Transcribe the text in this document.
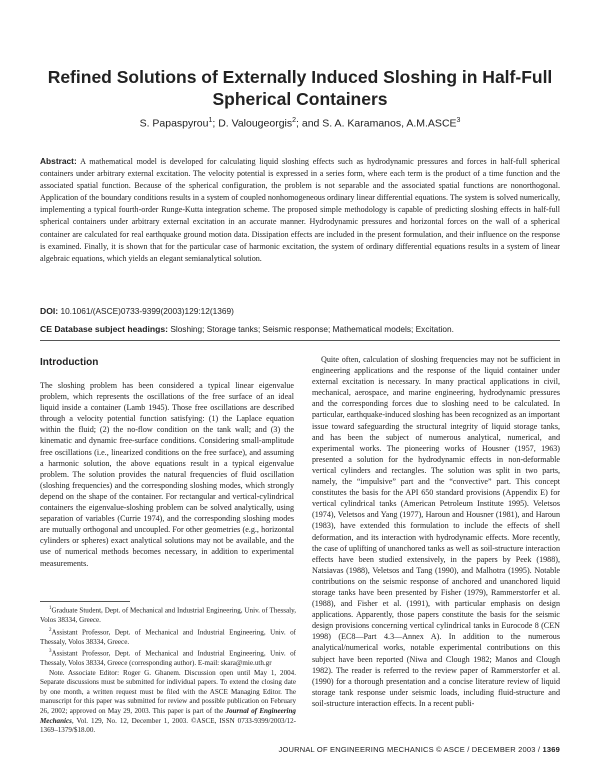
Refined Solutions of Externally Induced Sloshing in Half-Full Spherical Containers
S. Papaspyrou$^1$; D. Valougeorgis$^2$; and S. A. Karamanos, A.M.ASCE$^3$
Abstract: A mathematical model is developed for calculating liquid sloshing effects such as hydrodynamic pressures and forces in half-full spherical containers under arbitrary external excitation. The velocity potential is expressed in a series form, where each term is the product of a time function and the associated spatial function. Because of the spherical configuration, the problem is not separable and the associated spatial functions are nonorthogonal. Application of the boundary conditions results in a system of coupled nonhomogeneous ordinary linear differential equations. The system is solved numerically, implementing a typical fourth-order Runge-Kutta integration scheme. The proposed simple methodology is capable of predicting sloshing effects in half-full spherical containers under arbitrary external excitation in an accurate manner. Hydrodynamic pressures and horizontal forces on the wall of a spherical container are calculated for real earthquake ground motion data. Dissipation effects are included in the present formulation, and their influence on the response is examined. Finally, it is shown that for the particular case of harmonic excitation, the system of ordinary differential equations results in a system of linear algebraic equations, which yields an elegant semianalytical solution.
DOI: 10.1061/(ASCE)0733-9399(2003)129:12(1369)
CE Database subject headings: Sloshing; Storage tanks; Seismic response; Mathematical models; Excitation.
Introduction

The sloshing problem has been considered a typical linear eigenvalue problem, which represents the oscillations of the free surface of an ideal liquid inside a container (Lamb 1945). Those free oscillations are described through a velocity potential function satisfying: (1) the Laplace equation within the fluid; (2) the no-flow condition on the tank wall; and (3) the kinematic and dynamic free-surface conditions. Considering small-amplitude free oscillations (i.e., linearized conditions on the free surface), and assuming a harmonic solution, the above equations result in a typical eigenvalue problem. The solution provides the natural frequencies of fluid oscillation (sloshing frequencies) and the corresponding sloshing modes, which strongly depend on the shape of the container. For rectangular and vertical-cylindrical containers the eigenvalue-sloshing problem can be solved analytically, using separation of variables (Currie 1974), and the corresponding sloshing modes are mutually orthogonal and uncoupled. For other geometries (e.g., horizontal cylinders or spheres) exact analytical solutions may not be available, and the use of numerical methods becomes necessary, in addition to experimental measurements.

Quite often, calculation of sloshing frequencies may not be sufficient in engineering applications and the response of the liquid container under external excitation is necessary. In many practical applications in civil, mechanical, aerospace, and marine engineering, hydrodynamic pressures and the corresponding forces due to sloshing need to be calculated. In particular, earthquake-induced sloshing has been recognized as an important issue toward safeguarding the structural integrity of liquid storage tanks, and has been the subject of numerous analytical, numerical, and experimental works. The pioneering works of Housner (1957, 1963) presented a solution for the hydrodynamic effects in non-deformable vertical cylinders and rectangles. The solution was split in two parts, namely, the “impulsive” part and the “convective” part. This concept constitutes the basis for the API 650 standard provisions (Appendix E) for vertical cylindrical tanks (American Petroleum Institute 1995). Veletsos (1974), Veletsos and Yang (1977), Haroun and Housner (1981), and Haroun (1983), have extended this formulation to include the effects of shell deformation, and its interaction with hydrodynamic effects. More recently, the case of uplifting of unanchored tanks as well as soil-structure interaction effects have been studied extensively, in the papers by Peek (1988), Natsiavas (1988), Veletsos and Tang (1990), and Malhotra (1995). Notable contributions on the seismic response of anchored and unanchored liquid storage tanks have been presented by Fisher (1979), Rammerstorfer et al. (1988), and Fisher et al. (1991), with particular emphasis on design applications. Apparently, those papers constitute the basis for the seismic design provisions concerning vertical cylindrical tanks in Eurocode 8 (CEN 1998) (EC8—Part 4.3—Annex A). In addition to the numerous analytical/numerical works, notable experimental contributions on this subject have been reported (Niwa and Clough 1982; Manos and Clough 1982). The reader is referred to the review paper of Rammerstorfer et al. (1990) for a thorough presentation and a concise literature review of liquid storage tank response under seismic loads, including fluid-structure and soil-structure interaction effects. In a recent publi-

$^1$Graduate Student, Dept. of Mechanical and Industrial Engineering, Univ. of Thessaly, Volos 38334, Greece.

$^2$Assistant Professor, Dept. of Mechanical and Industrial Engineering, Univ. of Thessaly, Volos 38334, Greece.

$^3$Assistant Professor, Dept. of Mechanical and Industrial Engineering, Univ. of Thessaly, Volos 38334, Greece (corresponding author). E-mail: skara@mie.uth.gr

Note. Associate Editor: Roger G. Ghanem. Discussion open until May 1, 2004. Separate discussions must be submitted for individual papers. To extend the closing date by one month, a written request must be filed with the ASCE Managing Editor. The manuscript for this paper was submitted for review and possible publication on February 26, 2002; approved on May 29, 2003. This paper is part of the Journal of Engineering Mechanics, Vol. 129, No. 12, December 1, 2003. ©ASCE, ISSN 0733-9399/2003/12-1369–1379/$18.00.

JOURNAL OF ENGINEERING MECHANICS © ASCE / DECEMBER 2003 / 1369
